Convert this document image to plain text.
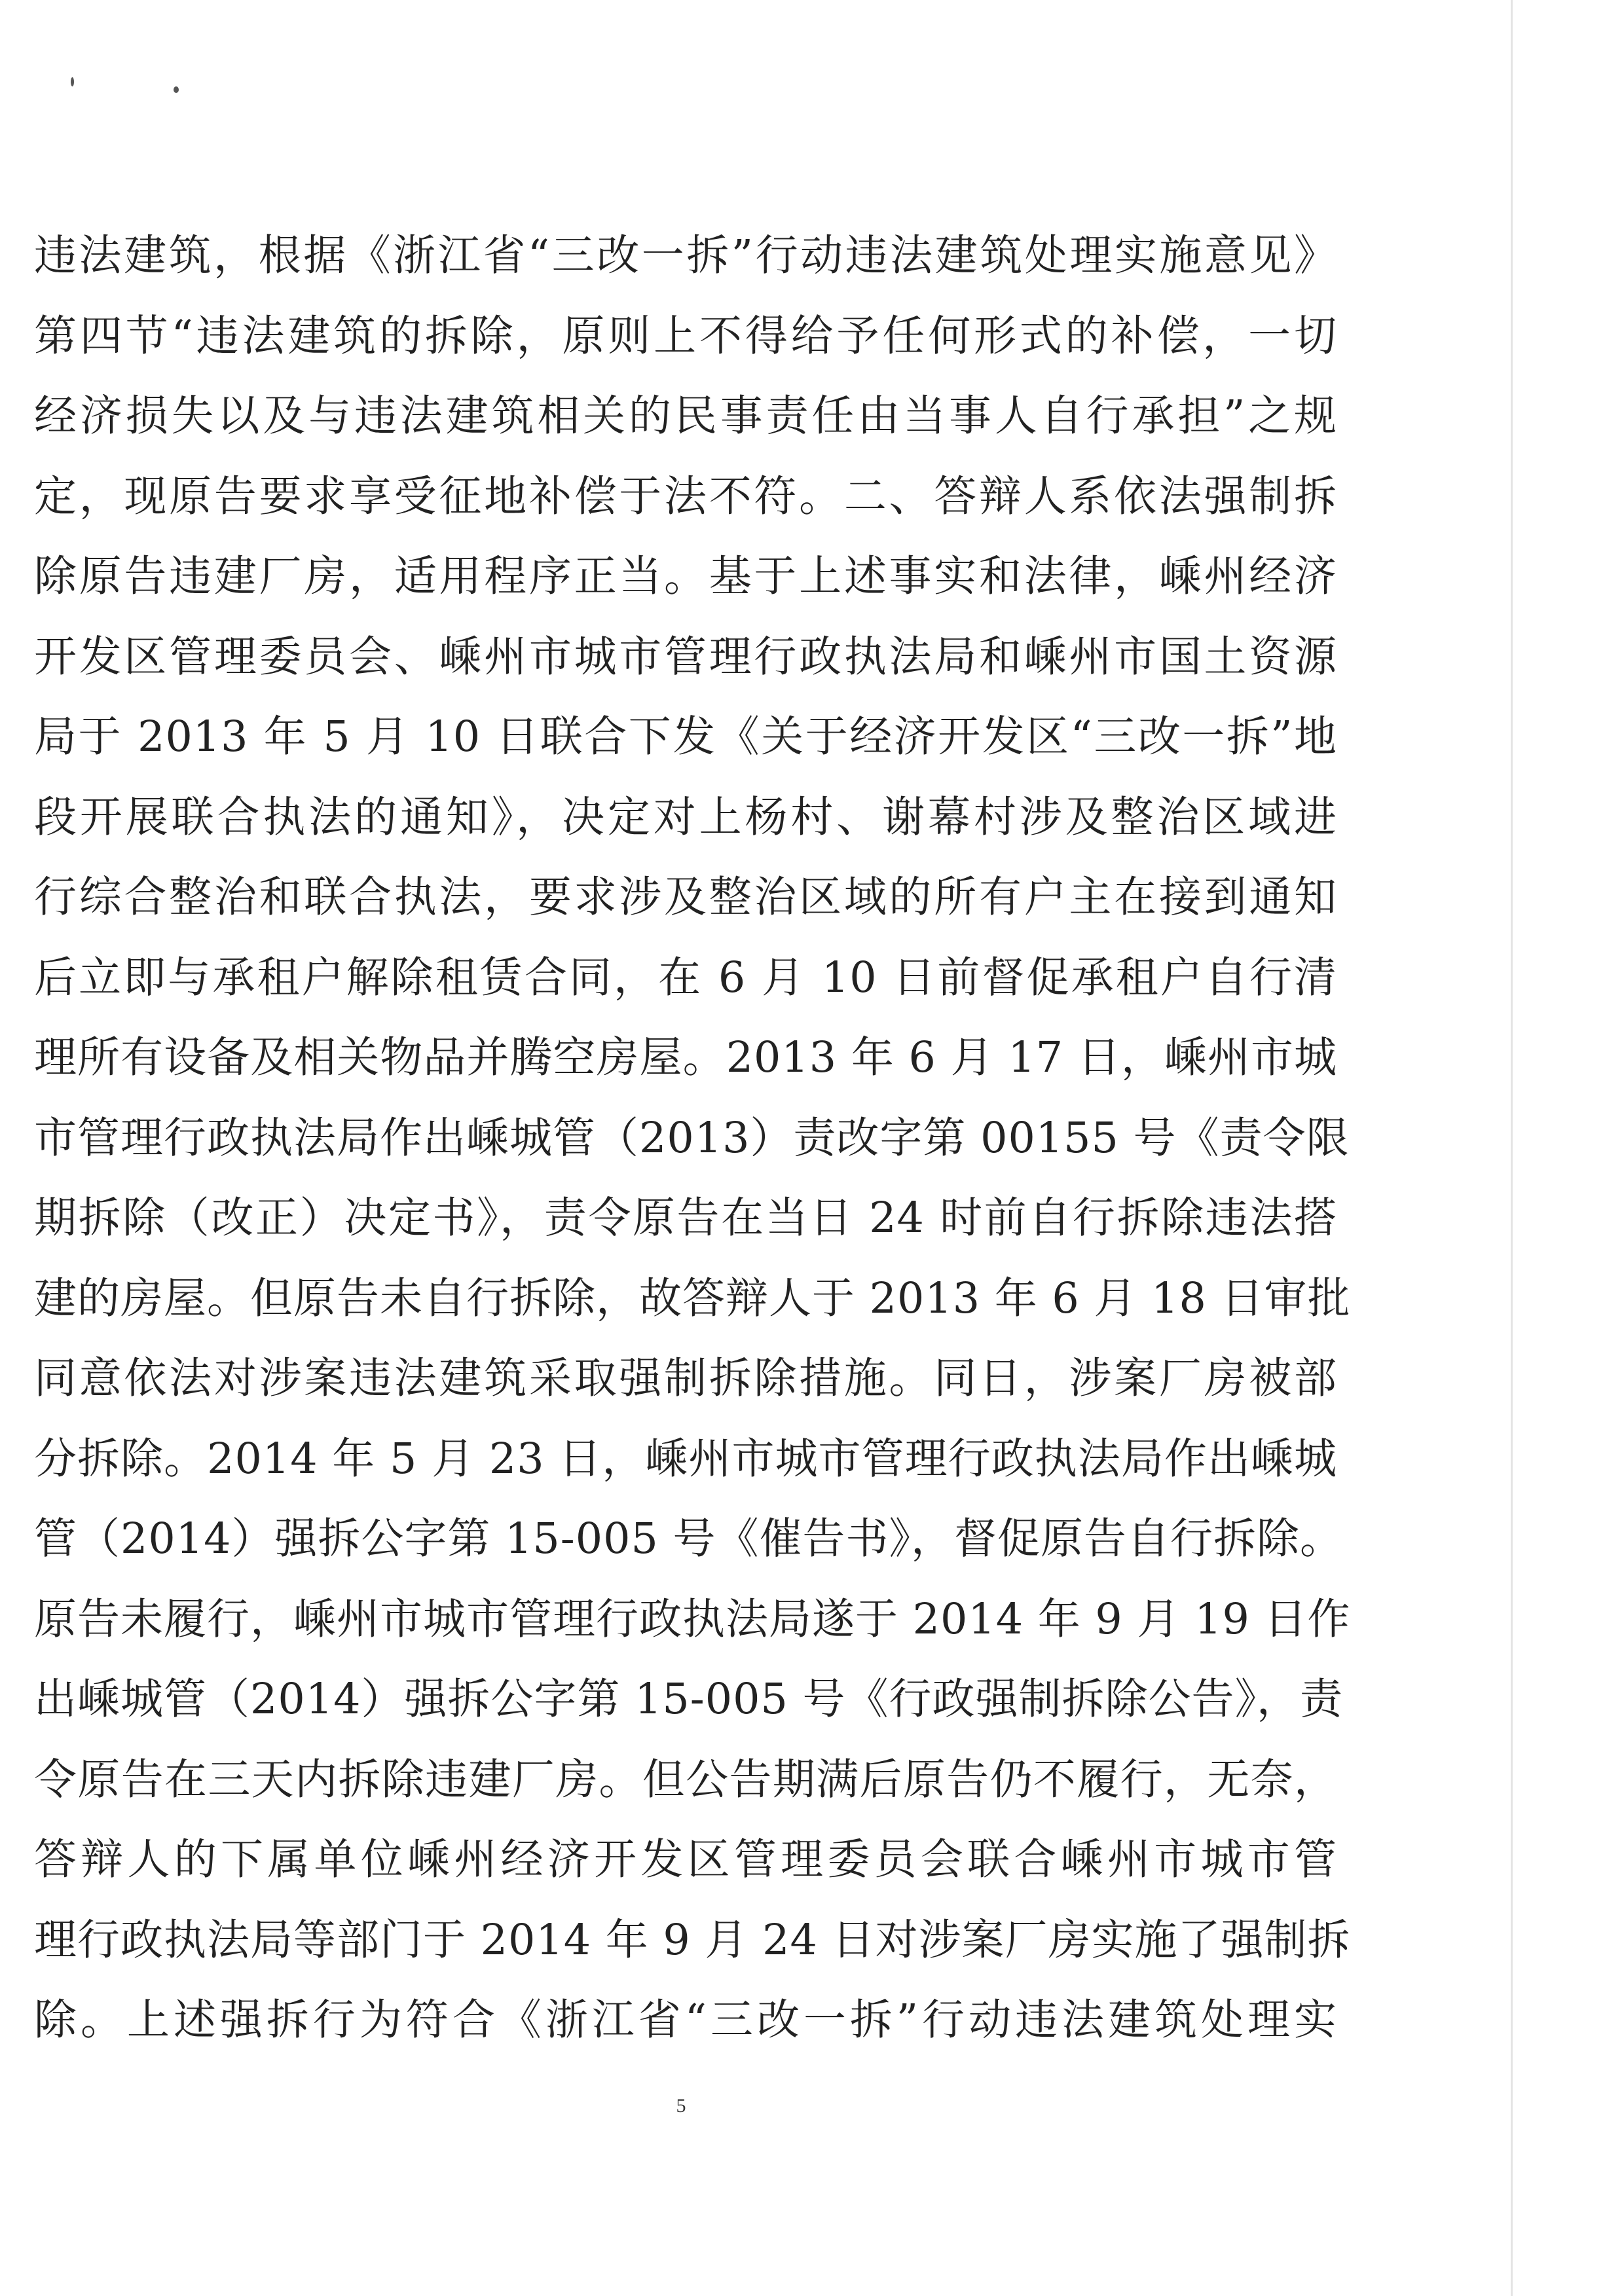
违法建筑，根据《浙江省“三改一拆”行动违法建筑处理实施意见》
第四节“违法建筑的拆除，原则上不得给予任何形式的补偿，一切
经济损失以及与违法建筑相关的民事责任由当事人自行承担”之规
定，现原告要求享受征地补偿于法不符。二、答辩人系依法强制拆
除原告违建厂房，适用程序正当。基于上述事实和法律，嵊州经济
开发区管理委员会、嵊州市城市管理行政执法局和嵊州市国土资源
局于 2013 年 5 月 10 日联合下发《关于经济开发区“三改一拆”地
段开展联合执法的通知》，决定对上杨村、谢幕村涉及整治区域进
行综合整治和联合执法，要求涉及整治区域的所有户主在接到通知
后立即与承租户解除租赁合同，在 6 月 10 日前督促承租户自行清
理所有设备及相关物品并腾空房屋。2013 年 6 月 17 日，嵊州市城
市管理行政执法局作出嵊城管（2013）责改字第 00155 号《责令限
期拆除（改正）决定书》，责令原告在当日 24 时前自行拆除违法搭
建的房屋。但原告未自行拆除，故答辩人于 2013 年 6 月 18 日审批
同意依法对涉案违法建筑采取强制拆除措施。同日，涉案厂房被部
分拆除。2014 年 5 月 23 日，嵊州市城市管理行政执法局作出嵊城
管（2014）强拆公字第 15-005 号《催告书》，督促原告自行拆除。
原告未履行，嵊州市城市管理行政执法局遂于 2014 年 9 月 19 日作
出嵊城管（2014）强拆公字第 15-005 号《行政强制拆除公告》，责
令原告在三天内拆除违建厂房。但公告期满后原告仍不履行，无奈，
答辩人的下属单位嵊州经济开发区管理委员会联合嵊州市城市管
理行政执法局等部门于 2014 年 9 月 24 日对涉案厂房实施了强制拆
除。上述强拆行为符合《浙江省“三改一拆”行动违法建筑处理实
5
